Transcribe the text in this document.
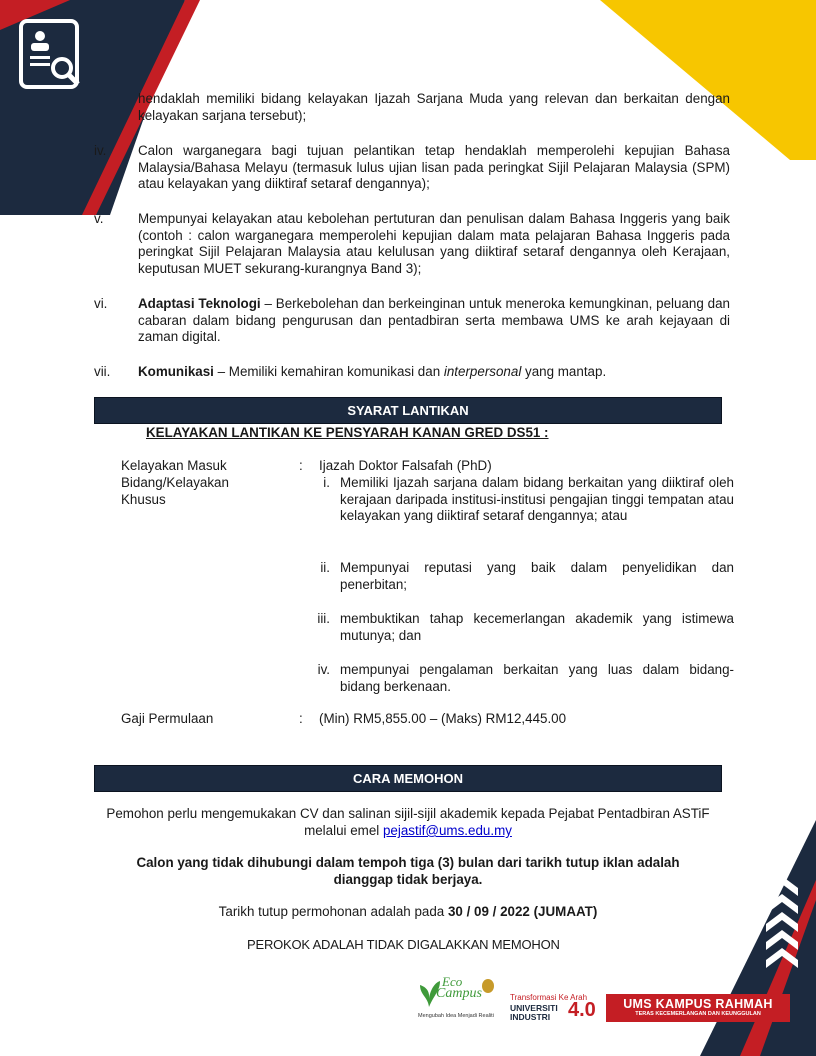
hendaklah memiliki bidang kelayakan Ijazah Sarjana Muda yang relevan dan berkaitan dengan kelayakan sarjana tersebut);
iv. Calon warganegara bagi tujuan pelantikan tetap hendaklah memperolehi kepujian Bahasa Malaysia/Bahasa Melayu (termasuk lulus ujian lisan pada peringkat Sijil Pelajaran Malaysia (SPM) atau kelayakan yang diiktiraf setaraf dengannya);
v.	Mempunyai kelayakan atau kebolehan pertuturan dan penulisan dalam Bahasa Inggeris yang baik (contoh : calon warganegara memperolehi kepujian dalam mata pelajaran Bahasa Inggeris pada peringkat Sijil Pelajaran Malaysia atau kelulusan yang diiktiraf setaraf dengannya oleh Kerajaan, keputusan MUET sekurang-kurangnya Band 3);
vi. Adaptasi Teknologi – Berkebolehan dan berkeinginan untuk meneroka kemungkinan, peluang dan cabaran dalam bidang pengurusan dan pentadbiran serta membawa UMS ke arah kejayaan di zaman digital.
vii. Komunikasi – Memiliki kemahiran komunikasi dan interpersonal yang mantap.
SYARAT LANTIKAN
KELAYAKAN LANTIKAN KE PENSYARAH KANAN GRED DS51 :
Kelayakan Masuk
Bidang/Kelayakan
Khusus
: Ijazah Doktor Falsafah (PhD)
i. Memiliki Ijazah sarjana dalam bidang berkaitan yang diiktiraf oleh kerajaan daripada institusi-institusi pengajian tinggi tempatan atau kelayakan yang diiktiraf setaraf dengannya; atau
ii. Mempunyai reputasi yang baik dalam penyelidikan dan penerbitan;
iii. membuktikan tahap kecemerlangan akademik yang istimewa mutunya; dan
iv. mempunyai pengalaman berkaitan yang luas dalam bidang-bidang berkenaan.
Gaji Permulaan	: (Min) RM5,855.00 – (Maks) RM12,445.00
CARA MEMOHON
Pemohon perlu mengemukakan CV dan salinan sijil-sijil akademik kepada Pejabat Pentadbiran ASTiF
melalui emel pejastif@ums.edu.my
Calon yang tidak dihubungi dalam tempoh tiga (3) bulan dari tarikh tutup iklan adalah
dianggap tidak berjaya.
Tarikh tutup permohonan adalah pada 30 / 09 / 2022 (JUMAAT)
PEROKOK ADALAH TIDAK DIGALAKKAN MEMOHON
Eco
Campus
Mengubah Idea Menjadi Realiti
Transformasi Ke Arah
UNIVERSITI
INDUSTRI 4.0	UMS KAMPUS RAHMAH
TERAS KECEMERLANGAN DAN KEUNGGULAN
